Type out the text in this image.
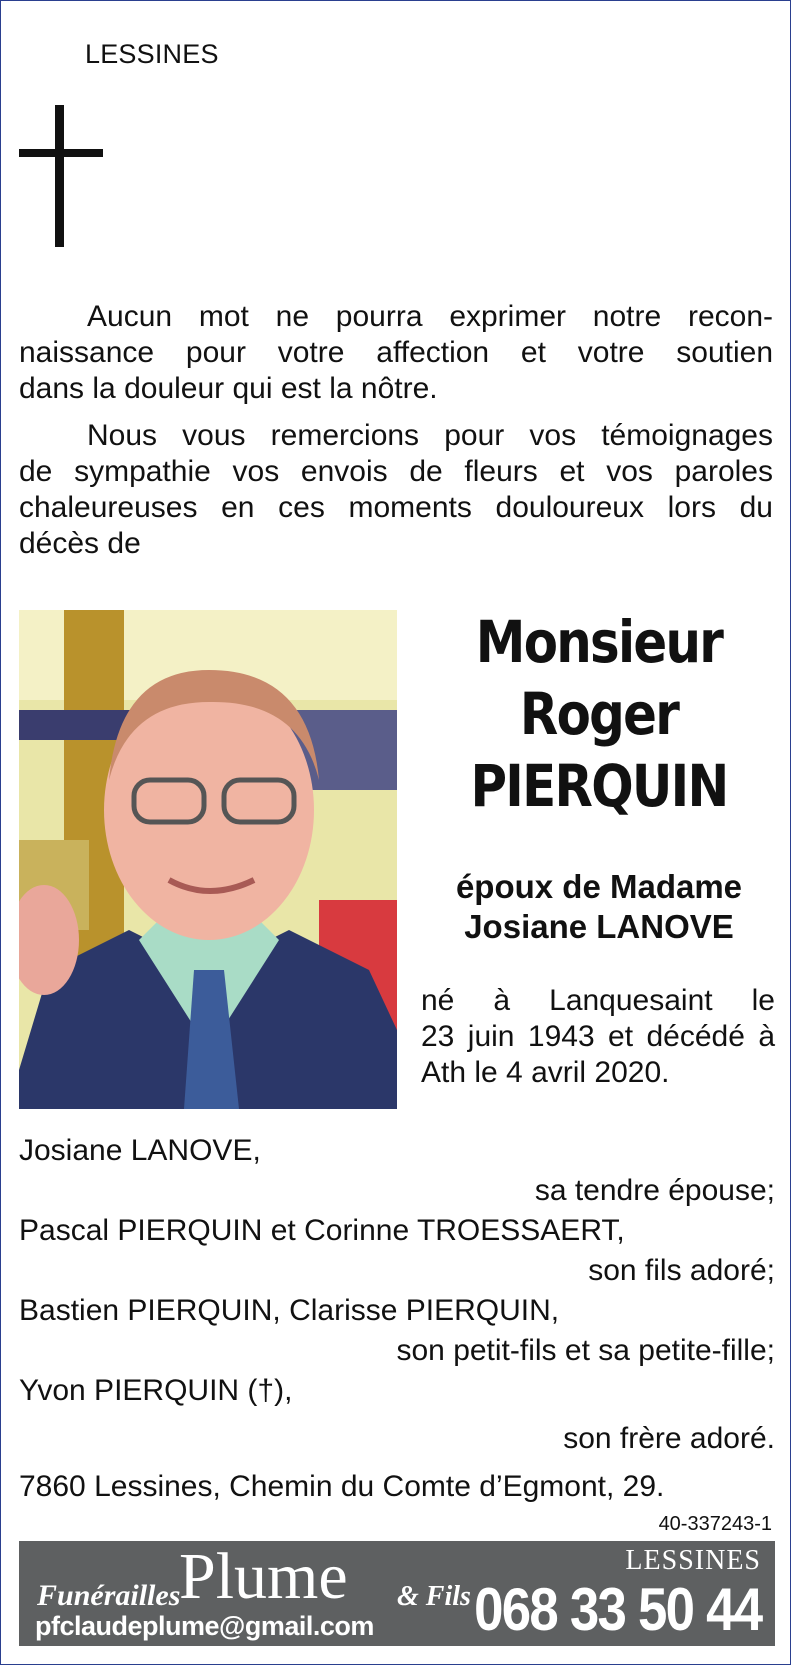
LESSINES
Aucun mot ne pourra exprimer notre recon-
naissance pour votre affection et votre soutien
dans la douleur qui est la nôtre.
Nous vous remercions pour vos témoignages
de sympathie vos envois de fleurs et vos paroles
chaleureuses en ces moments douloureux lors du
décès de
Monsieur
Roger
PIERQUIN
époux de Madame
Josiane LANOVE
né à Lanquesaint le
23 juin 1943 et décédé à
Ath le 4 avril 2020.
Josiane LANOVE,
sa tendre épouse;
Pascal PIERQUIN et Corinne TROESSAERT,
son fils adoré;
Bastien PIERQUIN, Clarisse PIERQUIN,
son petit-fils et sa petite-fille;
Yvon PIERQUIN (†),
son frère adoré.
7860 Lessines, Chemin du Comte d’Egmont, 29.
40-337243-1
Funérailles
Plume & Fils
pfclaudeplume@gmail.com
LESSINES
068 33 50 44
